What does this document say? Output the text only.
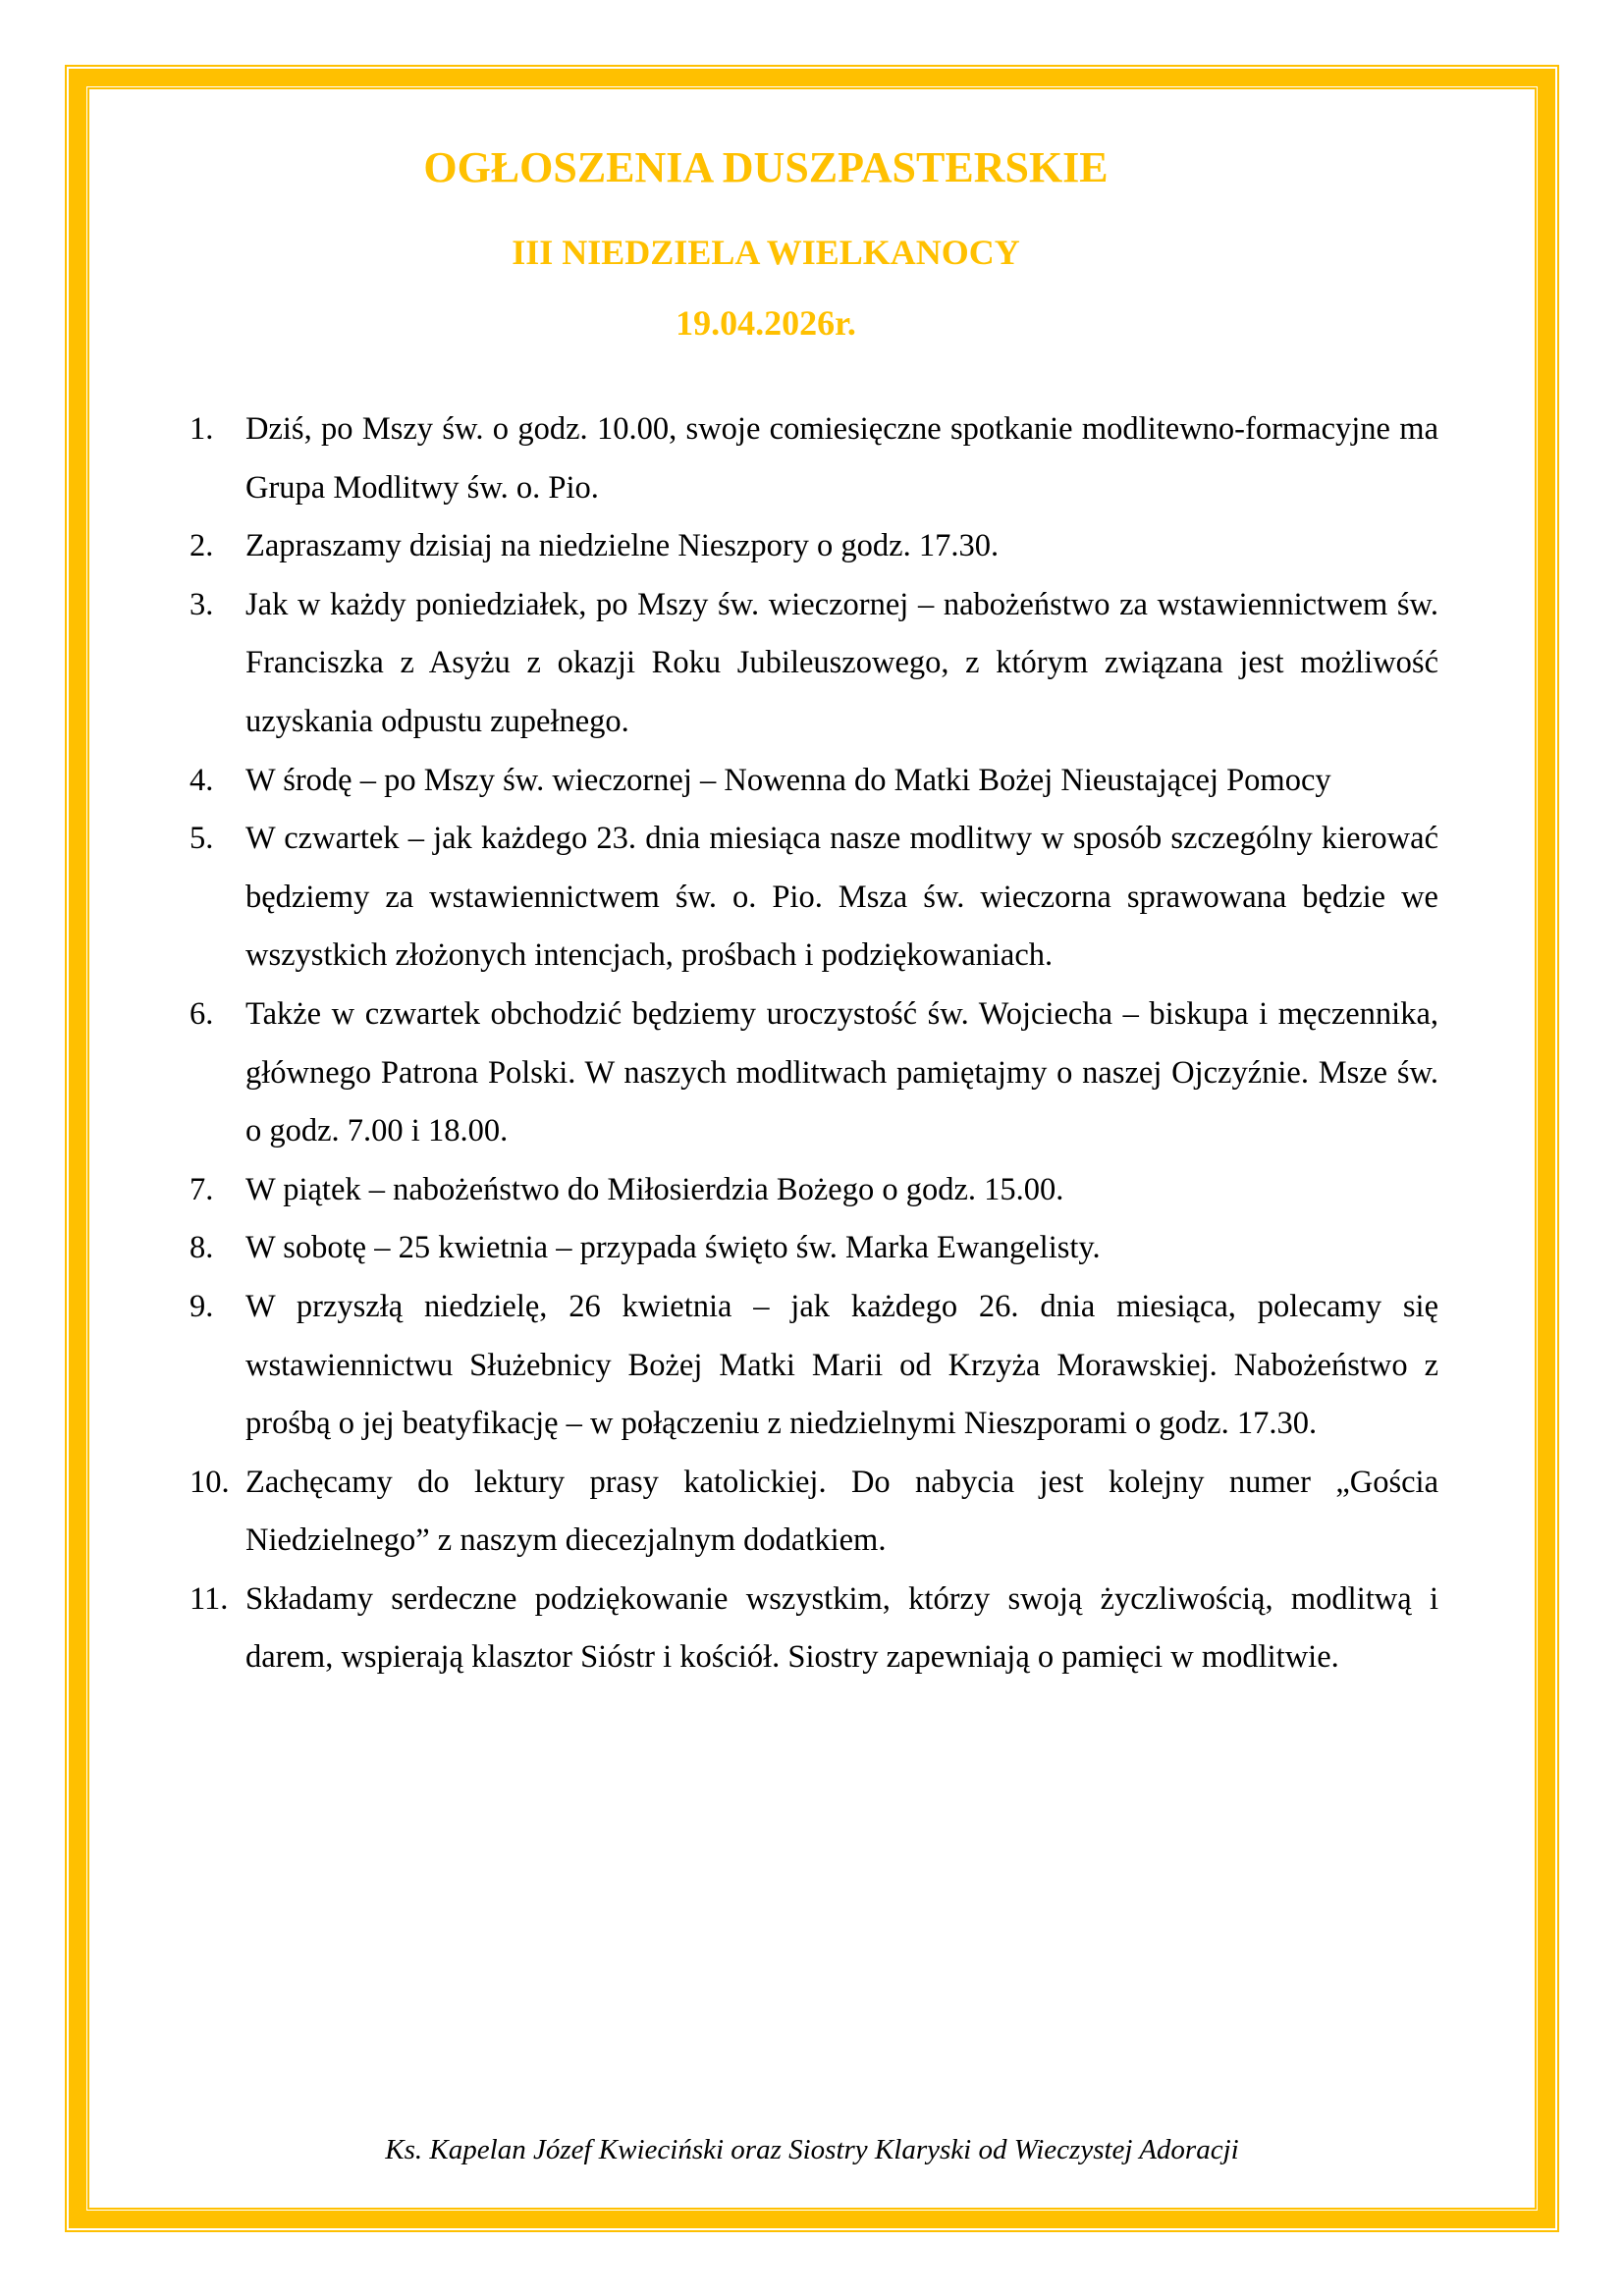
OGŁOSZENIA DUSZPASTERSKIE
III NIEDZIELA WIELKANOCY
19.04.2026r.
1. Dziś, po Mszy św. o godz. 10.00, swoje comiesięczne spotkanie modlitewno-formacyjne ma Grupa Modlitwy św. o. Pio.
2. Zapraszamy dzisiaj na niedzielne Nieszpory o godz. 17.30.
3. Jak w każdy poniedziałek, po Mszy św. wieczornej – nabożeństwo za wstawiennictwem św. Franciszka z Asyżu z okazji Roku Jubileuszowego, z którym związana jest możliwość uzyskania odpustu zupełnego.
4. W środę – po Mszy św. wieczornej – Nowenna do Matki Bożej Nieustającej Pomocy
5. W czwartek – jak każdego 23. dnia miesiąca nasze modlitwy w sposób szczególny kierować będziemy za wstawiennictwem św. o. Pio. Msza św. wieczorna sprawowana będzie we wszystkich złożonych intencjach, prośbach i podziękowaniach.
6. Także w czwartek obchodzić będziemy uroczystość św. Wojciecha – biskupa i męczennika, głównego Patrona Polski. W naszych modlitwach pamiętajmy o naszej Ojczyźnie. Msze św. o godz. 7.00 i 18.00.
7. W piątek – nabożeństwo do Miłosierdzia Bożego o godz. 15.00.
8. W sobotę – 25 kwietnia – przypada święto św. Marka Ewangelisty.
9. W przyszłą niedzielę, 26 kwietnia – jak każdego 26. dnia miesiąca, polecamy się wstawiennictwu Służebnicy Bożej Matki Marii od Krzyża Morawskiej. Nabożeństwo z prośbą o jej beatyfikację – w połączeniu z niedzielnymi Nieszporami o godz. 17.30.
10. Zachęcamy do lektury prasy katolickiej. Do nabycia jest kolejny numer „Gościa Niedzielnego” z naszym diecezjalnym dodatkiem.
11. Składamy serdeczne podziękowanie wszystkim, którzy swoją życzliwością, modlitwą i darem, wspierają klasztor Sióstr i kościół. Siostry zapewniają o pamięci w modlitwie.

Ks. Kapelan Józef Kwieciński oraz Siostry Klaryski od Wieczystej Adoracji
